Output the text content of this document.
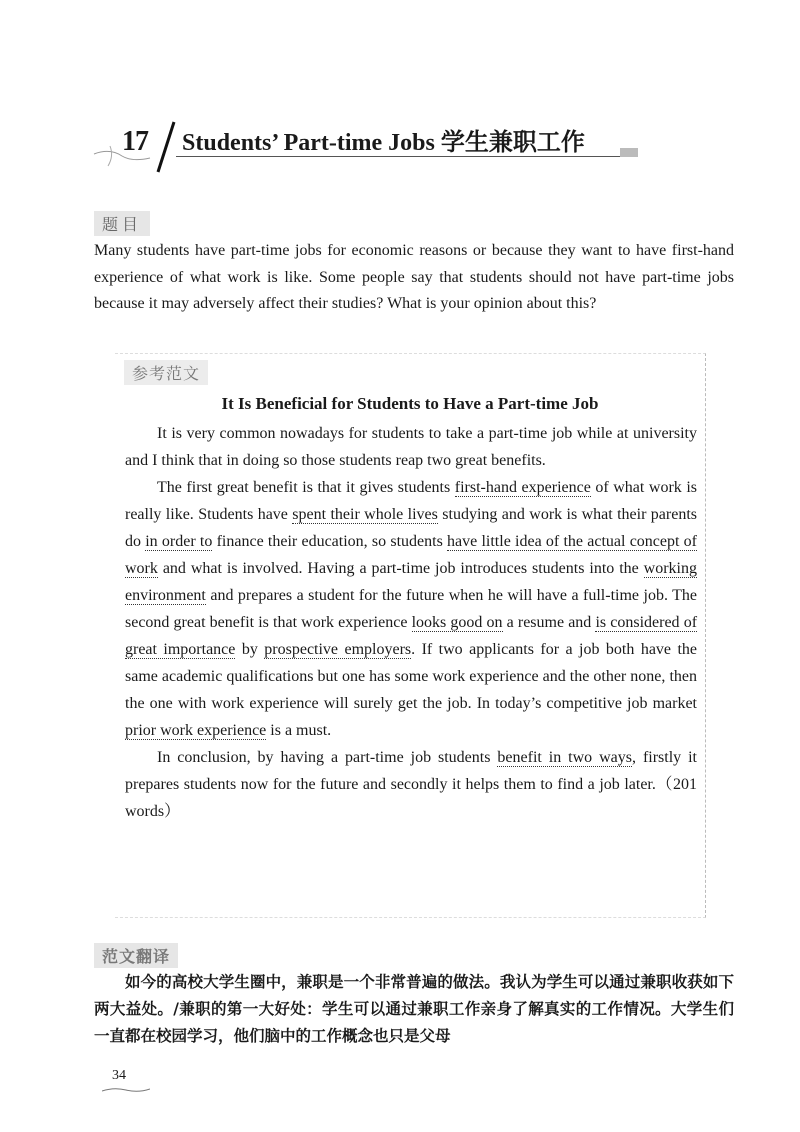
17 Students’ Part-time Jobs 学生兼职工作
题目

Many students have part-time jobs for economic reasons or because they want to have first-hand experience of what work is like. Some people say that students should not have part-time jobs because it may adversely affect their studies? What is your opinion about this?

参考范文

It Is Beneficial for Students to Have a Part-time Job

It is very common nowadays for students to take a part-time job while at university and I think that in doing so those students reap two great benefits.

The first great benefit is that it gives students first-hand experience of what work is really like. Students have spent their whole lives studying and work is what their parents do in order to finance their education, so students have little idea of the actual concept of work and what is involved. Having a part-time job introduces students into the working environment and prepares a student for the future when he will have a full-time job. The second great benefit is that work experience looks good on a resume and is considered of great importance by prospective employers. If two applicants for a job both have the same academic qualifications but one has some work experience and the other none, then the one with work experience will surely get the job. In today’s competitive job market prior work experience is a must.

In conclusion, by having a part-time job students benefit in two ways, firstly it prepares students now for the future and secondly it helps them to find a job later.（201 words）

范文翻译

如今的高校大学生圈中，兼职是一个非常普遍的做法。我认为学生可以通过兼职收获如下两大益处。/兼职的第一大好处：学生可以通过兼职工作亲身了解真实的工作情况。大学生们一直都在校园学习，他们脑中的工作概念也只是父母

34
